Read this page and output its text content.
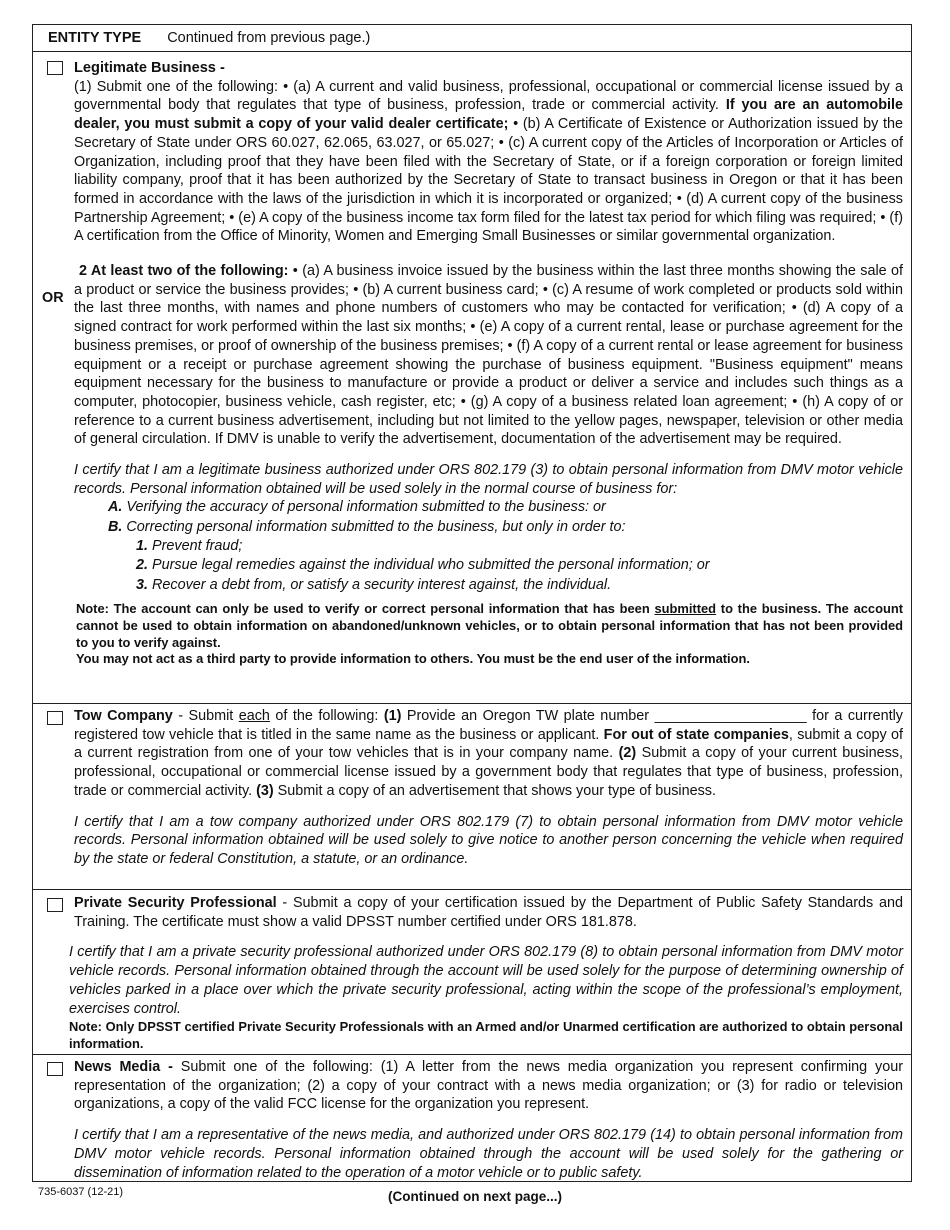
ENTITY TYPE Continued from previous page.)

Legitimate Business -

(1) Submit one of the following: • (a) A current and valid business, professional, occupational or commercial license issued by a governmental body that regulates that type of business, profession, trade or commercial activity. If you are an automobile dealer, you must submit a copy of your valid dealer certificate; • (b) A Certificate of Existence or Authorization issued by the Secretary of State under ORS 60.027, 62.065, 63.027, or 65.027; • (c) A current copy of the Articles of Incorporation or Articles of Organization, including proof that they have been filed with the Secretary of State, or if a foreign corporation or foreign limited liability company, proof that it has been authorized by the Secretary of State to transact business in Oregon or that it has been formed in accordance with the laws of the jurisdiction in which it is incorporated or organized; • (d) A current copy of the business Partnership Agreement; • (e) A copy of the business income tax form filed for the latest tax period for which filing was required; • (f) A certification from the Office of Minority, Women and Emerging Small Businesses or similar governmental organization.

OR

2 At least two of the following: • (a) A business invoice issued by the business within the last three months showing the sale of a product or service the business provides; • (b) A current business card; • (c) A resume of work completed or products sold within the last three months, with names and phone numbers of customers who may be contacted for verification; • (d) A copy of a signed contract for work performed within the last six months; • (e) A copy of a current rental, lease or purchase agreement for the business premises, or proof of ownership of the business premises; • (f) A copy of a current rental or lease agreement for business equipment or a receipt or purchase agreement showing the purchase of business equipment. "Business equipment" means equipment necessary for the business to manufacture or provide a product or deliver a service and includes such things as a computer, photocopier, business vehicle, cash register, etc; • (g) A copy of a business related loan agreement; • (h) A copy of or reference to a current business advertisement, including but not limited to the yellow pages, newspaper, television or other media of general circulation. If DMV is unable to verify the advertisement, documentation of the advertisement may be required.

I certify that I am a legitimate business authorized under ORS 802.179 (3) to obtain personal information from DMV motor vehicle records. Personal information obtained will be used solely in the normal course of business for:

A. Verifying the accuracy of personal information submitted to the business: or

B. Correcting personal information submitted to the business, but only in order to:

1. Prevent fraud;

2. Pursue legal remedies against the individual who submitted the personal information; or

3. Recover a debt from, or satisfy a security interest against, the individual.

Note: The account can only be used to verify or correct personal information that has been submitted to the business. The account cannot be used to obtain information on abandoned/unknown vehicles, or to obtain personal information that has not been provided to you to verify against.

You may not act as a third party to provide information to others. You must be the end user of the information.

Tow Company - Submit each of the following: (1) Provide an Oregon TW plate number ___________________ for a currently registered tow vehicle that is titled in the same name as the business or applicant. For out of state companies, submit a copy of a current registration from one of your tow vehicles that is in your company name. (2) Submit a copy of your current business, professional, occupational or commercial license issued by a government body that regulates that type of business, profession, trade or commercial activity. (3) Submit a copy of an advertisement that shows your type of business.

I certify that I am a tow company authorized under ORS 802.179 (7) to obtain personal information from DMV motor vehicle records. Personal information obtained will be used solely to give notice to another person concerning the vehicle when required by the state or federal Constitution, a statute, or an ordinance.

Private Security Professional - Submit a copy of your certification issued by the Department of Public Safety Standards and Training. The certificate must show a valid DPSST number certified under ORS 181.878.

I certify that I am a private security professional authorized under ORS 802.179 (8) to obtain personal information from DMV motor vehicle records. Personal information obtained through the account will be used solely for the purpose of determining ownership of vehicles parked in a place over which the private security professional, acting within the scope of the professional’s employment, exercises control.

Note: Only DPSST certified Private Security Professionals with an Armed and/or Unarmed certification are authorized to obtain personal information.

News Media - Submit one of the following: (1) A letter from the news media organization you represent confirming your representation of the organization; (2) a copy of your contract with a news media organization; or (3) for radio or television organizations, a copy of the valid FCC license for the organization you represent.

I certify that I am a representative of the news media, and authorized under ORS 802.179 (14) to obtain personal information from DMV motor vehicle records. Personal information obtained through the account will be used solely for the gathering or dissemination of information related to the operation of a motor vehicle or to public safety.

735-6037 (12-21)	(Continued on next page...)
